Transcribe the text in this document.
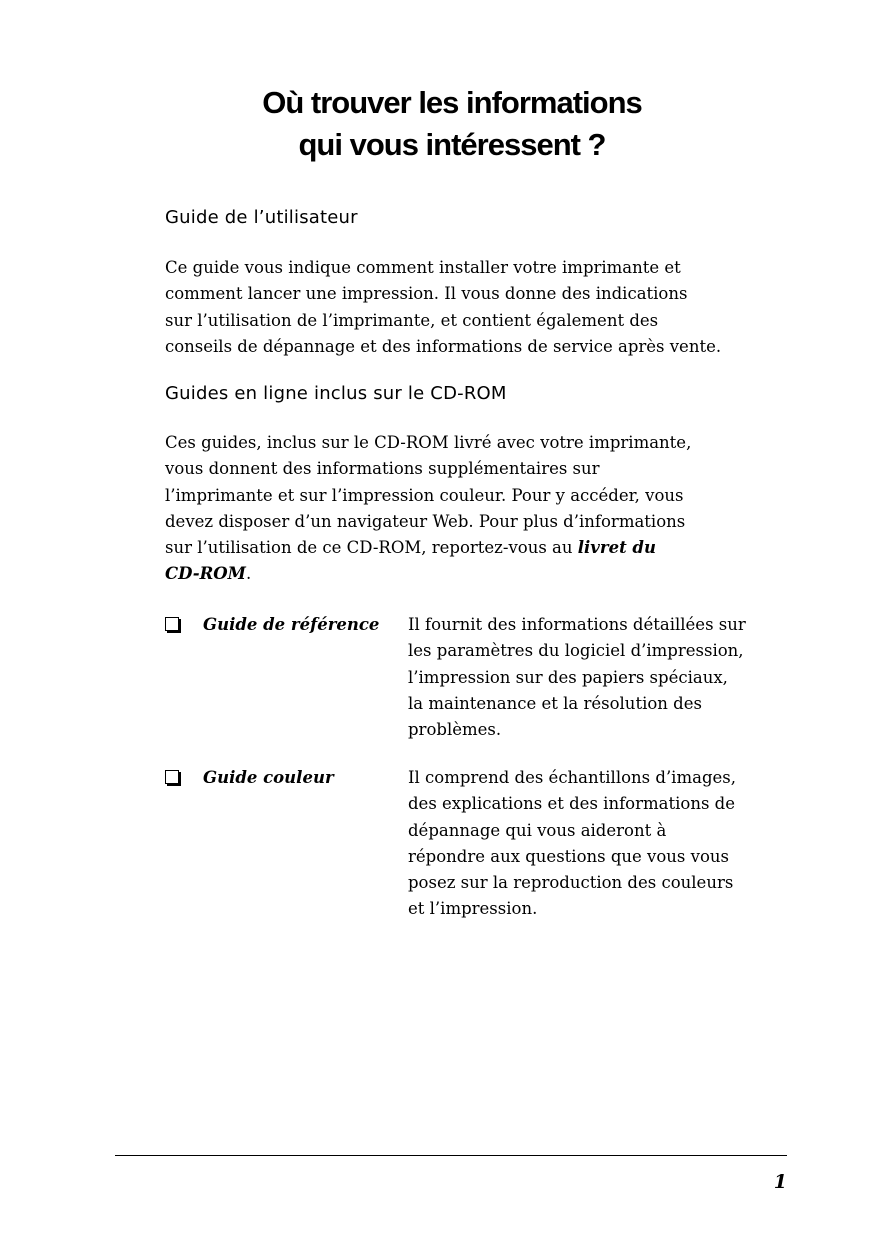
Où trouver les informations
qui vous intéressent ?
Guide de l’utilisateur
Ce guide vous indique comment installer votre imprimante et
comment lancer une impression. Il vous donne des indications
sur l’utilisation de l’imprimante, et contient également des
conseils de dépannage et des informations de service après vente.
Guides en ligne inclus sur le CD-ROM
Ces guides, inclus sur le CD-ROM livré avec votre imprimante,
vous donnent des informations supplémentaires sur
l’imprimante et sur l’impression couleur. Pour y accéder, vous
devez disposer d’un navigateur Web. Pour plus d’informations
sur l’utilisation de ce CD-ROM, reportez-vous au livret du
CD-ROM.
Guide de référence Il fournit des informations détaillées sur
les paramètres du logiciel d’impression,
l’impression sur des papiers spéciaux,
la maintenance et la résolution des
problèmes.
Guide couleur	Il comprend des échantillons d’images,
des explications et des informations de
dépannage qui vous aideront à
répondre aux questions que vous vous
posez sur la reproduction des couleurs
et l’impression.
1
